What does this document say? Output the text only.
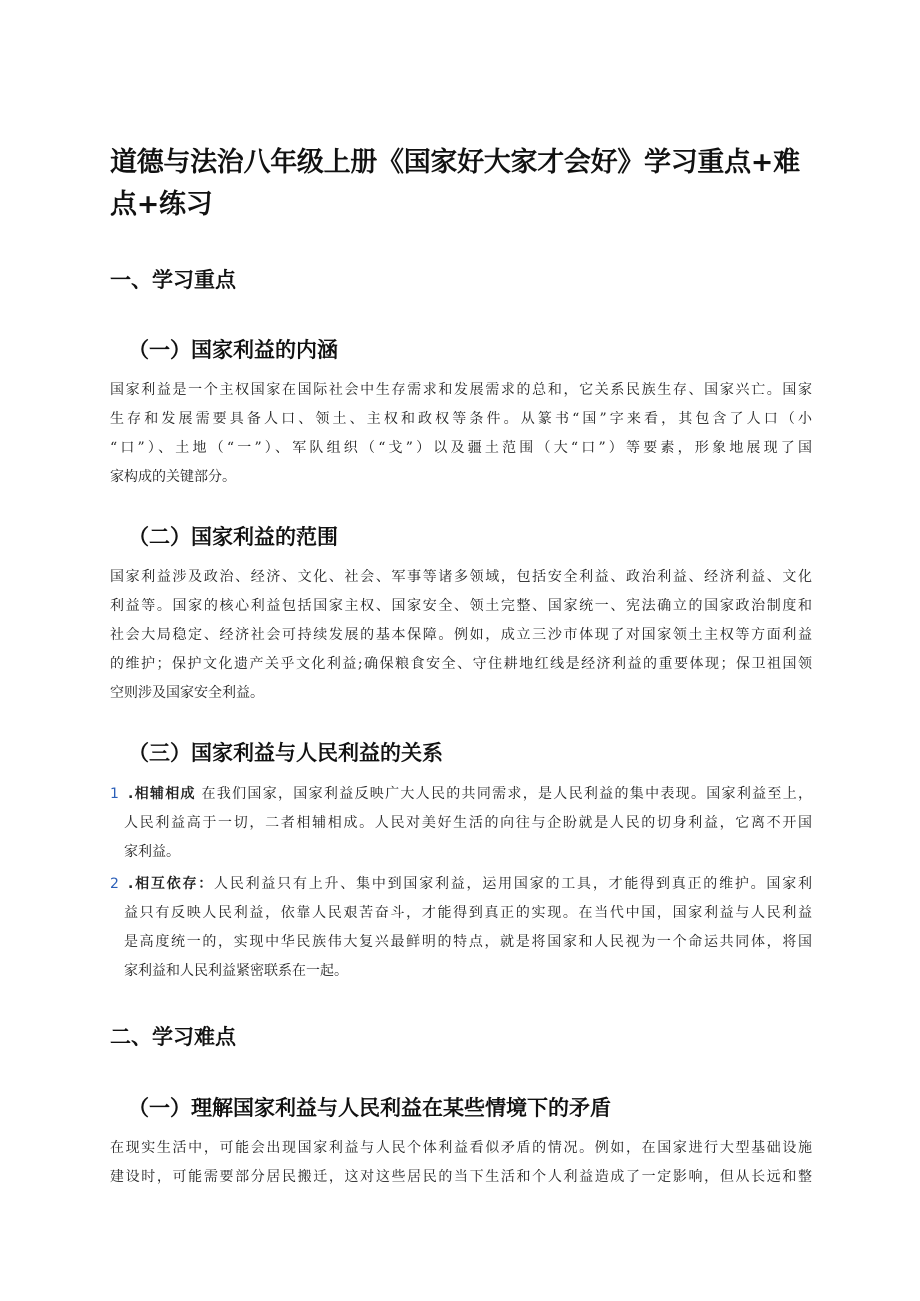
道德与法治八年级上册《国家好大家才会好》学习重点+难
点+练习
一、学习重点
（一）国家利益的内涵
国家利益是一个主权国家在国际社会中生存需求和发展需求的总和，它关系民族生存、国家兴亡。国家
生存和发展需要具备人口、领土、主权和政权等条件。从篆书“国”字来看，其包含了人口（小
“口”）、土地（“一”）、军队组织（“戈”）以及疆土范围（大“口”）等要素，形象地展现了国
家构成的关键部分。
（二）国家利益的范围
国家利益涉及政治、经济、文化、社会、军事等诸多领域，包括安全利益、政治利益、经济利益、文化
利益等。国家的核心利益包括国家主权、国家安全、领土完整、国家统一、宪法确立的国家政治制度和
社会大局稳定、经济社会可持续发展的基本保障。例如，成立三沙市体现了对国家领土主权等方面利益
的维护；保护文化遗产关乎文化利益;确保粮食安全、守住耕地红线是经济利益的重要体现；保卫祖国领
空则涉及国家安全利益。
（三）国家利益与人民利益的关系
1 .相辅相成 在我们国家，国家利益反映广大人民的共同需求，是人民利益的集中表现。国家利益至上，
人民利益高于一切，二者相辅相成。人民对美好生活的向往与企盼就是人民的切身利益，它离不开国
家利益。
2 .相互依存：人民利益只有上升、集中到国家利益，运用国家的工具，才能得到真正的维护。国家利
益只有反映人民利益，依靠人民艰苦奋斗，才能得到真正的实现。在当代中国，国家利益与人民利益
是高度统一的，实现中华民族伟大复兴最鲜明的特点，就是将国家和人民视为一个命运共同体，将国
家利益和人民利益紧密联系在一起。
二、学习难点
（一）理解国家利益与人民利益在某些情境下的矛盾
在现实生活中，可能会出现国家利益与人民个体利益看似矛盾的情况。例如，在国家进行大型基础设施
建设时，可能需要部分居民搬迁，这对这些居民的当下生活和个人利益造成了一定影响，但从长远和整
